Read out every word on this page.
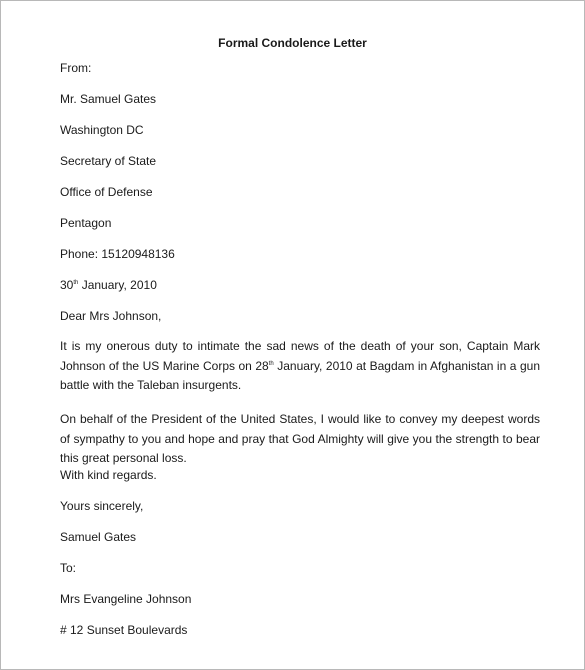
Formal Condolence Letter
From:
Mr. Samuel Gates
Washington DC
Secretary of State
Office of Defense
Pentagon
Phone: 15120948136
30th January, 2010
Dear Mrs Johnson,
It is my onerous duty to intimate the sad news of the death of your son, Captain Mark Johnson of the US Marine Corps on 28th January, 2010 at Bagdam in Afghanistan in a gun battle with the Taleban insurgents.
On behalf of the President of the United States, I would like to convey my deepest words of sympathy to you and hope and pray that God Almighty will give you the strength to bear this great personal loss.
With kind regards.
Yours sincerely,
Samuel Gates
To:
Mrs Evangeline Johnson
# 12 Sunset Boulevards
